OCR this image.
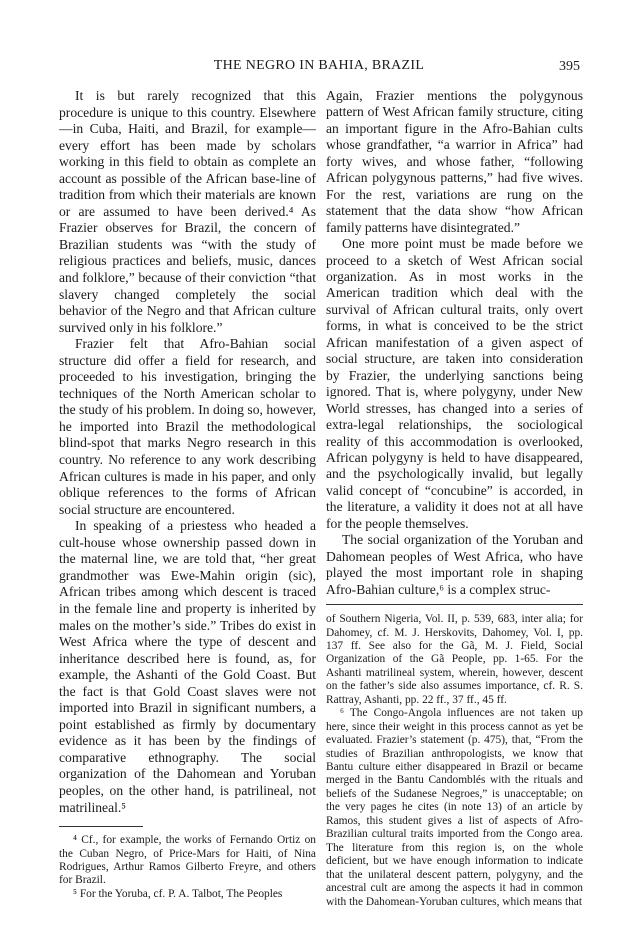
THE NEGRO IN BAHIA, BRAZIL	395

It is but rarely recognized that this procedure is unique to this country. Elsewhere—in Cuba, Haiti, and Brazil, for example—every effort has been made by scholars working in this field to obtain as complete an account as possible of the African base-line of tradition from which their materials are known or are assumed to have been derived.⁴ As Frazier observes for Brazil, the concern of Brazilian students was “with the study of religious practices and beliefs, music, dances and folklore,” because of their conviction “that slavery changed completely the social behavior of the Negro and that African culture survived only in his folklore.”

Frazier felt that Afro-Bahian social structure did offer a field for research, and proceeded to his investigation, bringing the techniques of the North American scholar to the study of his problem. In doing so, however, he imported into Brazil the methodological blind-spot that marks Negro research in this country. No reference to any work describing African cultures is made in his paper, and only oblique references to the forms of African social structure are encountered.

In speaking of a priestess who headed a cult-house whose ownership passed down in the maternal line, we are told that, “her great grandmother was Ewe-Mahin origin (sic), African tribes among which descent is traced in the female line and property is inherited by males on the mother’s side.” Tribes do exist in West Africa where the type of descent and inheritance described here is found, as, for example, the Ashanti of the Gold Coast. But the fact is that Gold Coast slaves were not imported into Brazil in significant numbers, a point established as firmly by documentary evidence as it has been by the findings of comparative ethnography. The social organization of the Dahomean and Yoruban peoples, on the other hand, is patrilineal, not matrilineal.⁵

⁴ Cf., for example, the works of Fernando Ortiz on the Cuban Negro, of Price-Mars for Haiti, of Nina Rodrigues, Arthur Ramos Gilberto Freyre, and others for Brazil.

⁵ For the Yoruba, cf. P. A. Talbot, The Peoples

Again, Frazier mentions the polygynous pattern of West African family structure, citing an important figure in the Afro-Bahian cults whose grandfather, “a warrior in Africa” had forty wives, and whose father, “following African polygynous patterns,” had five wives. For the rest, variations are rung on the statement that the data show “how African family patterns have disintegrated.”

One more point must be made before we proceed to a sketch of West African social organization. As in most works in the American tradition which deal with the survival of African cultural traits, only overt forms, in what is conceived to be the strict African manifestation of a given aspect of social structure, are taken into consideration by Frazier, the underlying sanctions being ignored. That is, where polygyny, under New World stresses, has changed into a series of extra-legal relationships, the sociological reality of this accommodation is overlooked, African polygyny is held to have disappeared, and the psychologically invalid, but legally valid concept of “concubine” is accorded, in the literature, a validity it does not at all have for the people themselves.

The social organization of the Yoruban and Dahomean peoples of West Africa, who have played the most important role in shaping Afro-Bahian culture,⁶ is a complex struc-

of Southern Nigeria, Vol. II, p. 539, 683, inter alia; for Dahomey, cf. M. J. Herskovits, Dahomey, Vol. I, pp. 137 ff. See also for the Gã, M. J. Field, Social Organization of the Gã People, pp. 1-65. For the Ashanti matrilineal system, wherein, however, descent on the father’s side also assumes importance, cf. R. S. Rattray, Ashanti, pp. 22 ff., 37 ff., 45 ff.

⁶ The Congo-Angola influences are not taken up here, since their weight in this process cannot as yet be evaluated. Frazier’s statement (p. 475), that, “From the studies of Brazilian anthropologists, we know that Bantu culture either disappeared in Brazil or became merged in the Bantu Candomblés with the rituals and beliefs of the Sudanese Negroes,” is unacceptable; on the very pages he cites (in note 13) of an article by Ramos, this student gives a list of aspects of Afro-Brazilian cultural traits imported from the Congo area. The literature from this region is, on the whole deficient, but we have enough information to indicate that the unilateral descent pattern, polygyny, and the ancestral cult are among the aspects it had in common with the Dahomean-Yoruban cultures, which means that
